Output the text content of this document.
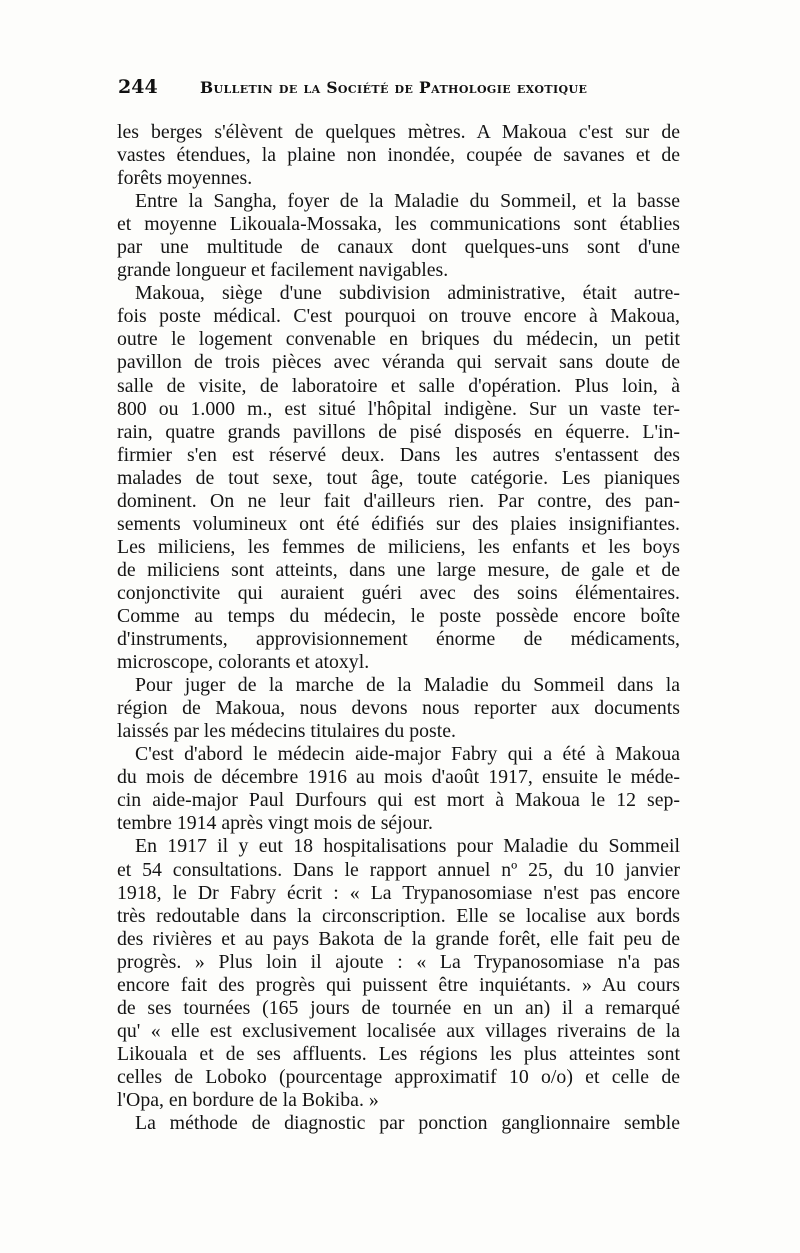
244	Bulletin de la Société de Pathologie exotique

les berges s'élèvent de quelques mètres. A Makoua c'est sur de
vastes étendues, la plaine non inondée, coupée de savanes et de
forêts moyennes.

Entre la Sangha, foyer de la Maladie du Sommeil, et la basse
et moyenne Likouala-Mossaka, les communications sont établies
par une multitude de canaux dont quelques-uns sont d'une
grande longueur et facilement navigables.

Makoua, siège d'une subdivision administrative, était autre-
fois poste médical. C'est pourquoi on trouve encore à Makoua,
outre le logement convenable en briques du médecin, un petit
pavillon de trois pièces avec véranda qui servait sans doute de
salle de visite, de laboratoire et salle d'opération. Plus loin, à
800 ou 1.000 m., est situé l'hôpital indigène. Sur un vaste ter-
rain, quatre grands pavillons de pisé disposés en équerre. L'in-
firmier s'en est réservé deux. Dans les autres s'entassent des
malades de tout sexe, tout âge, toute catégorie. Les pianiques
dominent. On ne leur fait d'ailleurs rien. Par contre, des pan-
sements volumineux ont été édifiés sur des plaies insignifiantes.
Les miliciens, les femmes de miliciens, les enfants et les boys
de miliciens sont atteints, dans une large mesure, de gale et de
conjonctivite qui auraient guéri avec des soins élémentaires.
Comme au temps du médecin, le poste possède encore boîte
d'instruments, approvisionnement énorme de médicaments,
microscope, colorants et atoxyl.

Pour juger de la marche de la Maladie du Sommeil dans la
région de Makoua, nous devons nous reporter aux documents
laissés par les médecins titulaires du poste.

C'est d'abord le médecin aide-major Fabry qui a été à Makoua
du mois de décembre 1916 au mois d'août 1917, ensuite le méde-
cin aide-major Paul Durfours qui est mort à Makoua le 12 sep-
tembre 1914 après vingt mois de séjour.

En 1917 il y eut 18 hospitalisations pour Maladie du Sommeil
et 54 consultations. Dans le rapport annuel nº 25, du 10 janvier
1918, le Dr Fabry écrit : « La Trypanosomiase n'est pas encore
très redoutable dans la circonscription. Elle se localise aux bords
des rivières et au pays Bakota de la grande forêt, elle fait peu de
progrès. » Plus loin il ajoute : « La Trypanosomiase n'a pas
encore fait des progrès qui puissent être inquiétants. » Au cours
de ses tournées (165 jours de tournée en un an) il a remarqué
qu' « elle est exclusivement localisée aux villages riverains de la
Likouala et de ses affluents. Les régions les plus atteintes sont
celles de Loboko (pourcentage approximatif 10 o/o) et celle de
l'Opa, en bordure de la Bokiba. »

La méthode de diagnostic par ponction ganglionnaire semble
